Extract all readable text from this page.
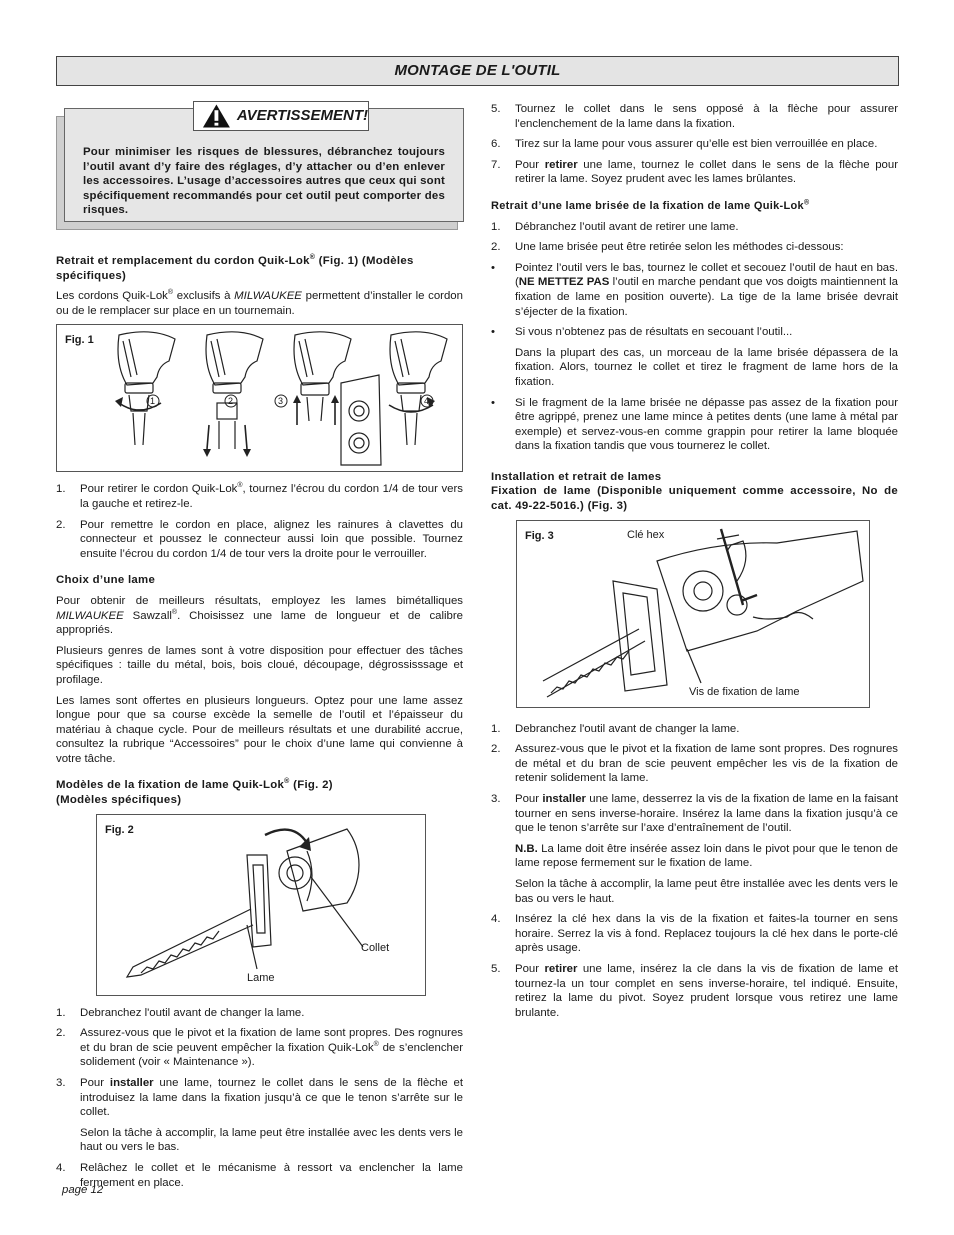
MONTAGE DE L'OUTIL
AVERTISSEMENT!
Pour minimiser les risques de blessures, débranchez toujours l’outil avant d’y faire des réglages, d’y attacher ou d’en enlever les accessoires. L’usage d’accessoires autres que ceux qui sont spécifiquement recommandés pour cet outil peut comporter des risques.
Retrait et remplacement du cordon Quik-Lok® (Fig. 1) (Modèles spécifiques)

Les cordons Quik-Lok® exclusifs à MILWAUKEE permettent d’installer le cordon ou de le remplacer sur place en un tournemain.

Fig. 1
1	2	3	4
1. Pour retirer le cordon Quik-Lok®, tournez l’écrou du cordon 1/4 de tour vers la gauche et retirez-le.
2. Pour remettre le cordon en place, alignez les rainures à clavettes du connecteur et poussez le connecteur aussi loin que possible. Tournez ensuite l’écrou du cordon 1/4 de tour vers la droite pour le verrouiller.
Choix d’une lame

Pour obtenir de meilleurs résultats, employez les lames bimétalliques MILWAUKEE Sawzall®. Choisissez une lame de longueur et de calibre appropriés.

Plusieurs genres de lames sont à votre disposition pour effectuer des tâches spécifiques : taille du métal, bois, bois cloué, découpage, dégrossisssage et profilage.

Les lames sont offertes en plusieurs longueurs. Optez pour une lame assez longue pour que sa course excède la semelle de l’outil et l’épaisseur du matériau à chaque cycle. Pour de meilleurs résultats et une durabilité accrue, consultez la rubrique “Accessoires” pour le choix d’une lame qui convienne à votre tâche.

Modèles de la fixation de lame Quik-Lok® (Fig. 2)
(Modèles spécifiques)
Fig. 2
Collet
Lame
1. Debranchez l'outil avant de changer la lame.
2. Assurez-vous que le pivot et la fixation de lame sont propres. Des rognures et du bran de scie peuvent empêcher la fixation Quik-Lok® de s’enclencher solidement (voir « Maintenance »).
3. Pour installer une lame, tournez le collet dans le sens de la flèche et introduisez la lame dans la fixation jusqu’à ce que le tenon s’arrête sur le collet.

Selon la tâche à accomplir, la lame peut être installée avec les dents vers le haut ou vers le bas.

4. Relâchez le collet et le mécanisme à ressort va enclencher la lame fermement en place.
5. Tournez le collet dans le sens opposé à la flèche pour assurer l'enclenchement de la lame dans la fixation.
6. Tirez sur la lame pour vous assurer qu’elle est bien verrouillée en place.
7. Pour retirer une lame, tournez le collet dans le sens de la flèche pour retirer la lame. Soyez prudent avec les lames brûlantes.
Retrait d’une lame brisée de la fixation de lame Quik-Lok®
1. Débranchez l’outil avant de retirer une lame.
2. Une lame brisée peut être retirée selon les méthodes ci-dessous:
• Pointez l’outil vers le bas, tournez le collet et secouez l’outil de haut en bas. (NE METTEZ PAS l’outil en marche pendant que vos doigts maintiennent la fixation de lame en position ouverte). La tige de la lame brisée devrait s’éjecter de la fixation.
• Si vous n’obtenez pas de résultats en secouant l’outil...

Dans la plupart des cas, un morceau de la lame brisée dépassera de la fixation. Alors, tournez le collet et tirez le fragment de lame hors de la fixation.

• Si le fragment de la lame brisée ne dépasse pas assez de la fixation pour être agrippé, prenez une lame mince à petites dents (une lame à métal par exemple) et servez-vous-en comme grappin pour retirer la lame bloquée dans la fixation tandis que vous tournerez le collet.
Installation et retrait de lames
Fixation de lame (Disponible uniquement comme accessoire, No de cat. 49-22-5016.) (Fig. 3)
Fig. 3	Clé hex
Vis de fixation de lame
1. Debranchez l'outil avant de changer la lame.
2. Assurez-vous que le pivot et la fixation de lame sont propres. Des rognures de métal et du bran de scie peuvent empêcher les vis de la fixation de retenir solidement la lame.
3. Pour installer une lame, desserrez la vis de la fixation de lame en la faisant tourner en sens inverse-horaire. Insérez la lame dans la fixation jusqu’à ce que le tenon s’arrête sur l’axe d’entraînement de l’outil.

N.B. La lame doit être insérée assez loin dans le pivot pour que le tenon de lame repose fermement sur le fixation de lame.

Selon la tâche à accomplir, la lame peut être installée avec les dents vers le bas ou vers le haut.

4. Insérez la clé hex dans la vis de la fixation et faites-la tourner en sens horaire. Serrez la vis à fond. Replacez toujours la clé hex dans le porte-clé après usage.
5. Pour retirer une lame, insérez la cle dans la vis de fixation de lame et tournez-la un tour complet en sens inverse-horaire, tel indiqué. Ensuite, retirez la lame du pivot. Soyez prudent lorsque vous retirez une lame brulante.
page 12
